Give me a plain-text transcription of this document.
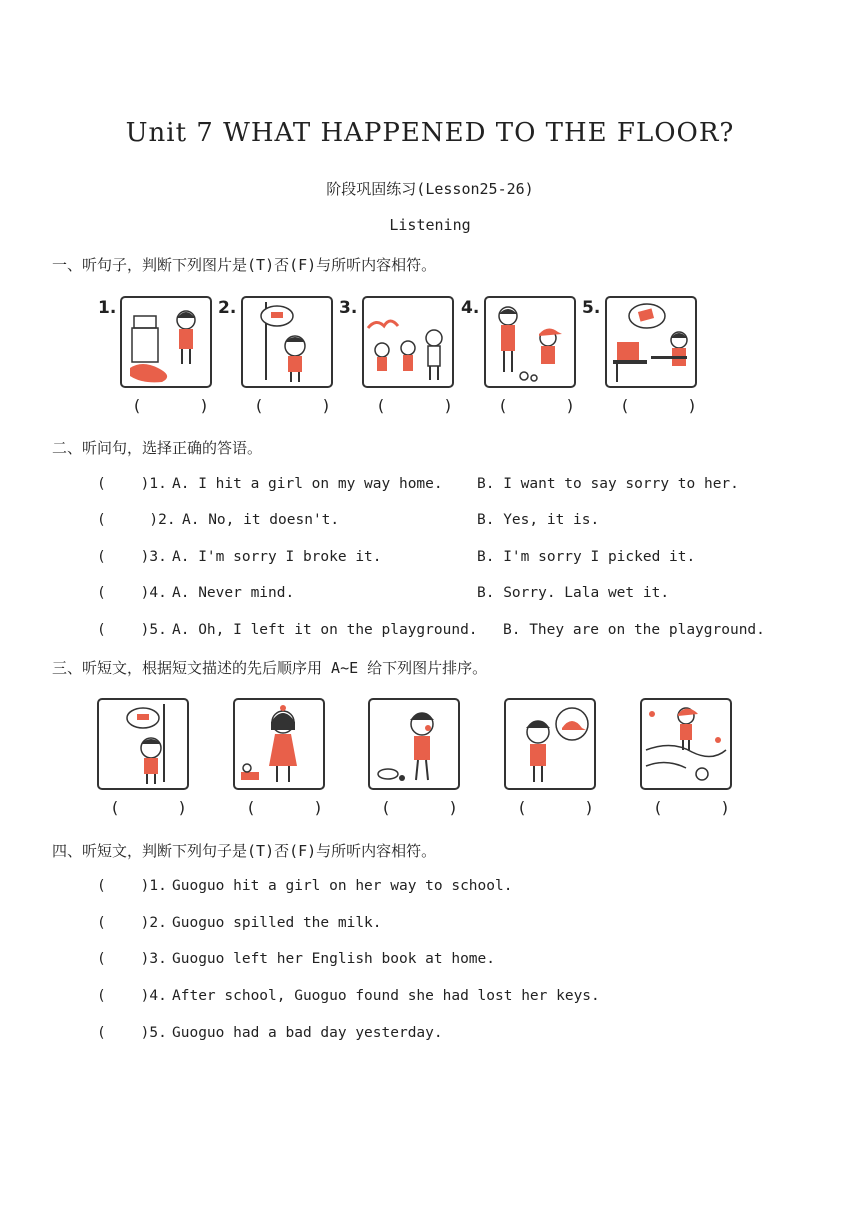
Unit 7 WHAT HAPPENED TO THE FLOOR?
阶段巩固练习(Lesson25-26)
Listening
一、听句子，判断下列图片是(T)否(F)与所听内容相符。
1.
(      )
2.
(      )
3.
(      )
4.
(      )
5.
(      )
二、听问句，选择正确的答语。
(    )1. A. I hit a girl on my way home. B. I want to say sorry to her.
(     )2. A. No, it doesn't.	B. Yes, it is.
(    )3. A. I'm sorry I broke it.	B. I'm sorry I picked it.
(    )4. A. Never mind.	B. Sorry. Lala wet it.
(    )5. A. Oh, I left it on the playground. B. They are on the playground.
三、听短文，根据短文描述的先后顺序用 A~E 给下列图片排序。
(      )	(      )	(      )	(      )	(      )
四、听短文，判断下列句子是(T)否(F)与所听内容相符。
(    )1. Guoguo hit a girl on her way to school.
(    )2. Guoguo spilled the milk.
(    )3. Guoguo left her English book at home.
(    )4. After school, Guoguo found she had lost her keys.
(    )5. Guoguo had a bad day yesterday.
